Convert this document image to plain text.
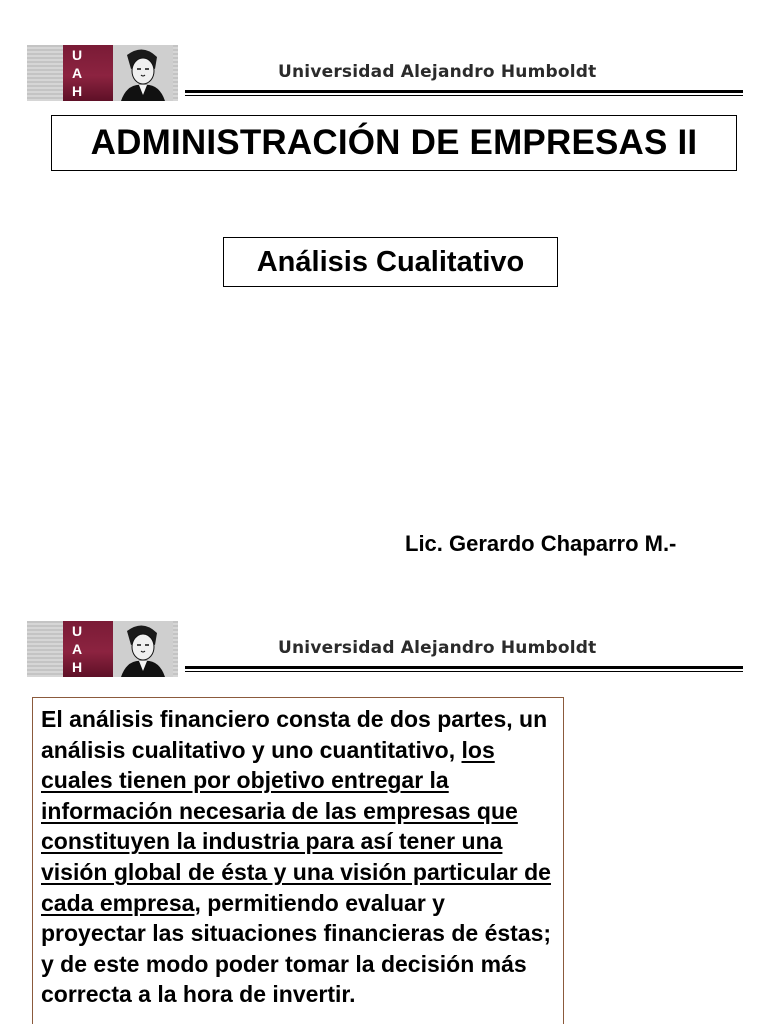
U
A
H
Universidad Alejandro Humboldt
ADMINISTRACIÓN DE EMPRESAS II
Análisis Cualitativo
Lic. Gerardo Chaparro M.-
U
A
H
Universidad Alejandro Humboldt
El análisis financiero consta de dos partes, un análisis cualitativo y uno cuantitativo, los cuales tienen por objetivo entregar la información necesaria de las empresas que constituyen la industria para así tener una visión global de ésta y una visión particular de cada empresa, permitiendo evaluar y proyectar las situaciones financieras de éstas; y de este modo poder tomar la decisión más correcta a la hora de invertir.
